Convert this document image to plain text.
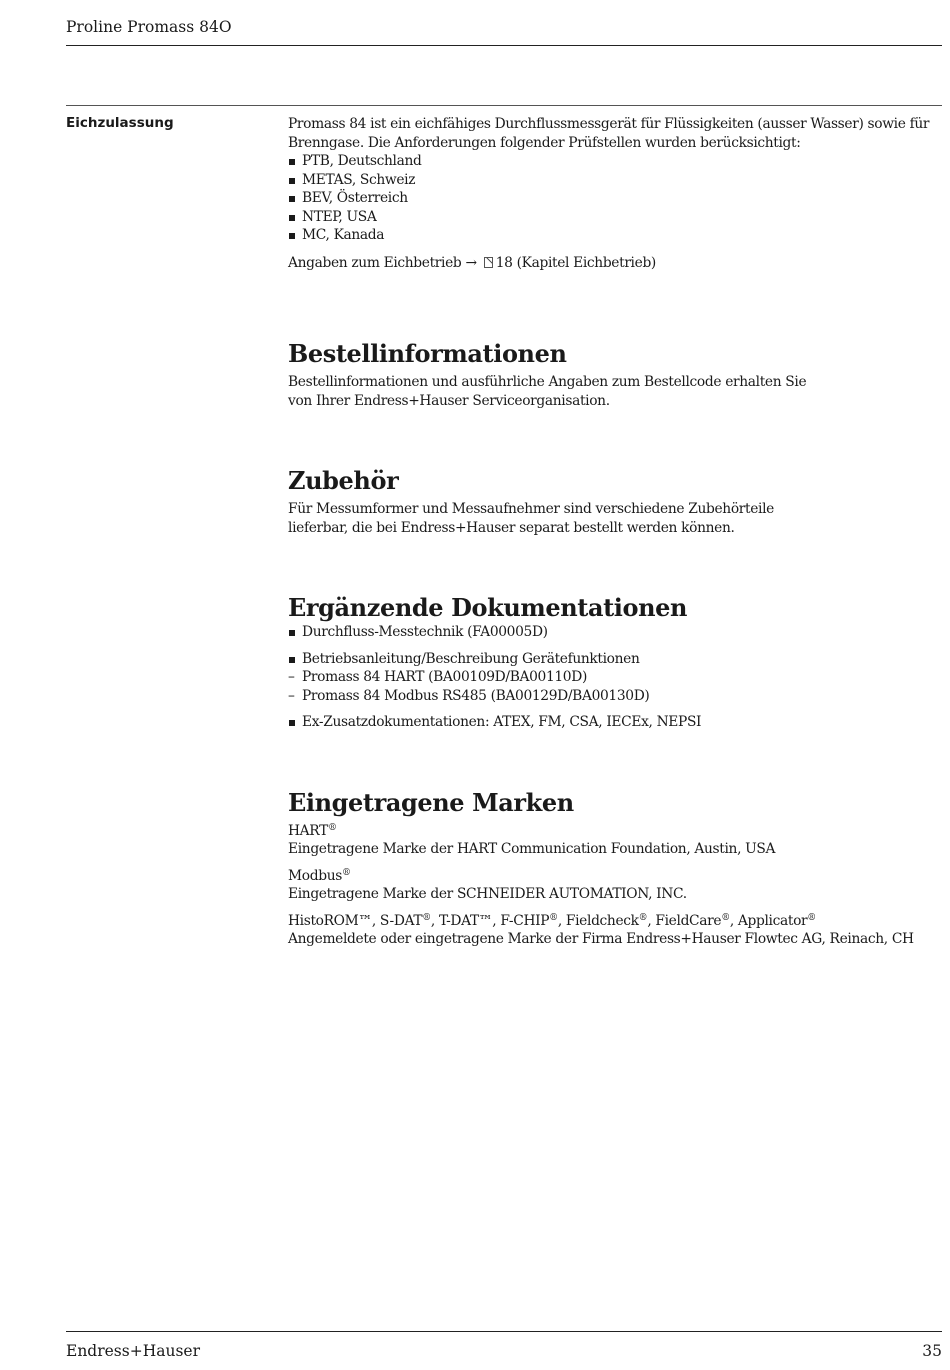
Proline Promass 84O
Eichzulassung	Promass 84 ist ein eichfähiges Durchflussmessgerät für Flüssigkeiten (ausser Wasser) sowie für Brenngase. Die Anforderungen folgender Prüfstellen wurden berücksichtigt:

PTB, Deutschland
METAS, Schweiz
BEV, Österreich
NTEP, USA
MC, Kanada

Angaben zum Eichbetrieb → 18 (Kapitel Eichbetrieb)

Bestellinformationen

Bestellinformationen und ausführliche Angaben zum Bestellcode erhalten Sie von Ihrer Endress+Hauser Serviceorganisation.

Zubehör

Für Messumformer und Messaufnehmer sind verschiedene Zubehörteile lieferbar, die bei Endress+Hauser separat bestellt werden können.

Ergänzende Dokumentationen
Durchfluss-Messtechnik (FA00005D)
Betriebsanleitung/Beschreibung Gerätefunktionen
– Promass 84 HART (BA00109D/BA00110D)
– Promass 84 Modbus RS485 (BA00129D/BA00130D)
Ex-Zusatzdokumentationen: ATEX, FM, CSA, IECEx, NEPSI
Eingetragene Marken

HART®

Eingetragene Marke der HART Communication Foundation, Austin, USA

Modbus®

Eingetragene Marke der SCHNEIDER AUTOMATION, INC.

HistoROM™, S-DAT®, T-DAT™, F-CHIP®, Fieldcheck®, FieldCare®, Applicator®

Angemeldete oder eingetragene Marke der Firma Endress+Hauser Flowtec AG, Reinach, CH

Endress+Hauser	35
